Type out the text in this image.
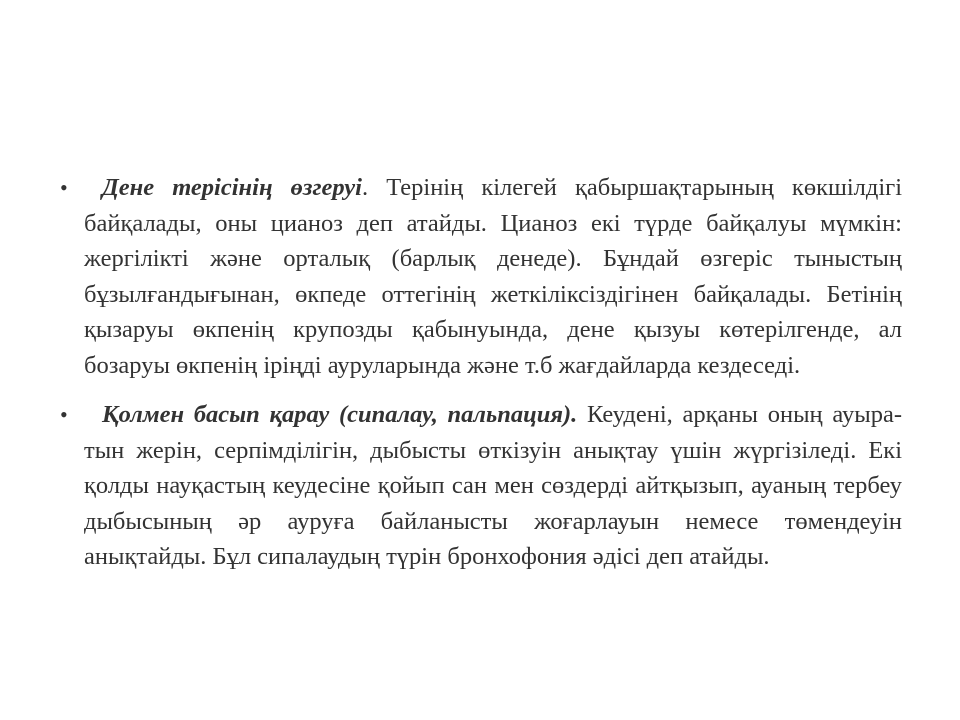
• Дене терісінің өзгеруі. Терінің кілегей қабыршақтарының көкшілдігі байқалады, оны цианоз деп атайды. Цианоз екі түрде байқалуы мүмкін: жергілікті және орталық (барлық денеде). Бұндай өзгеріс тыныстың бұзылғандығынан, өкпеде оттегінің жеткіліксіздігінен байқалады. Бетінің қызаруы өкпенің крупозды қабынуында, дене қызуы көтерілгенде, ал бозаруы өкпенің іріңді ауруларында және т.б жағдайларда кездеседі.
• Қолмен басып қарау (сипалау, пальпация). Кеудені, арқаны оның ауыра-тын жерін, серпімділігін, дыбысты өткізуін анықтау үшін жүргізіледі. Екі қолды науқастың кеудесіне қойып сан мен сөздерді айтқызып, ауаның тербеу дыбысының әр ауруға байланысты жоғарлауын немесе төмендеуін анықтайды. Бұл сипалаудың түрін бронхофония әдісі деп атайды.
